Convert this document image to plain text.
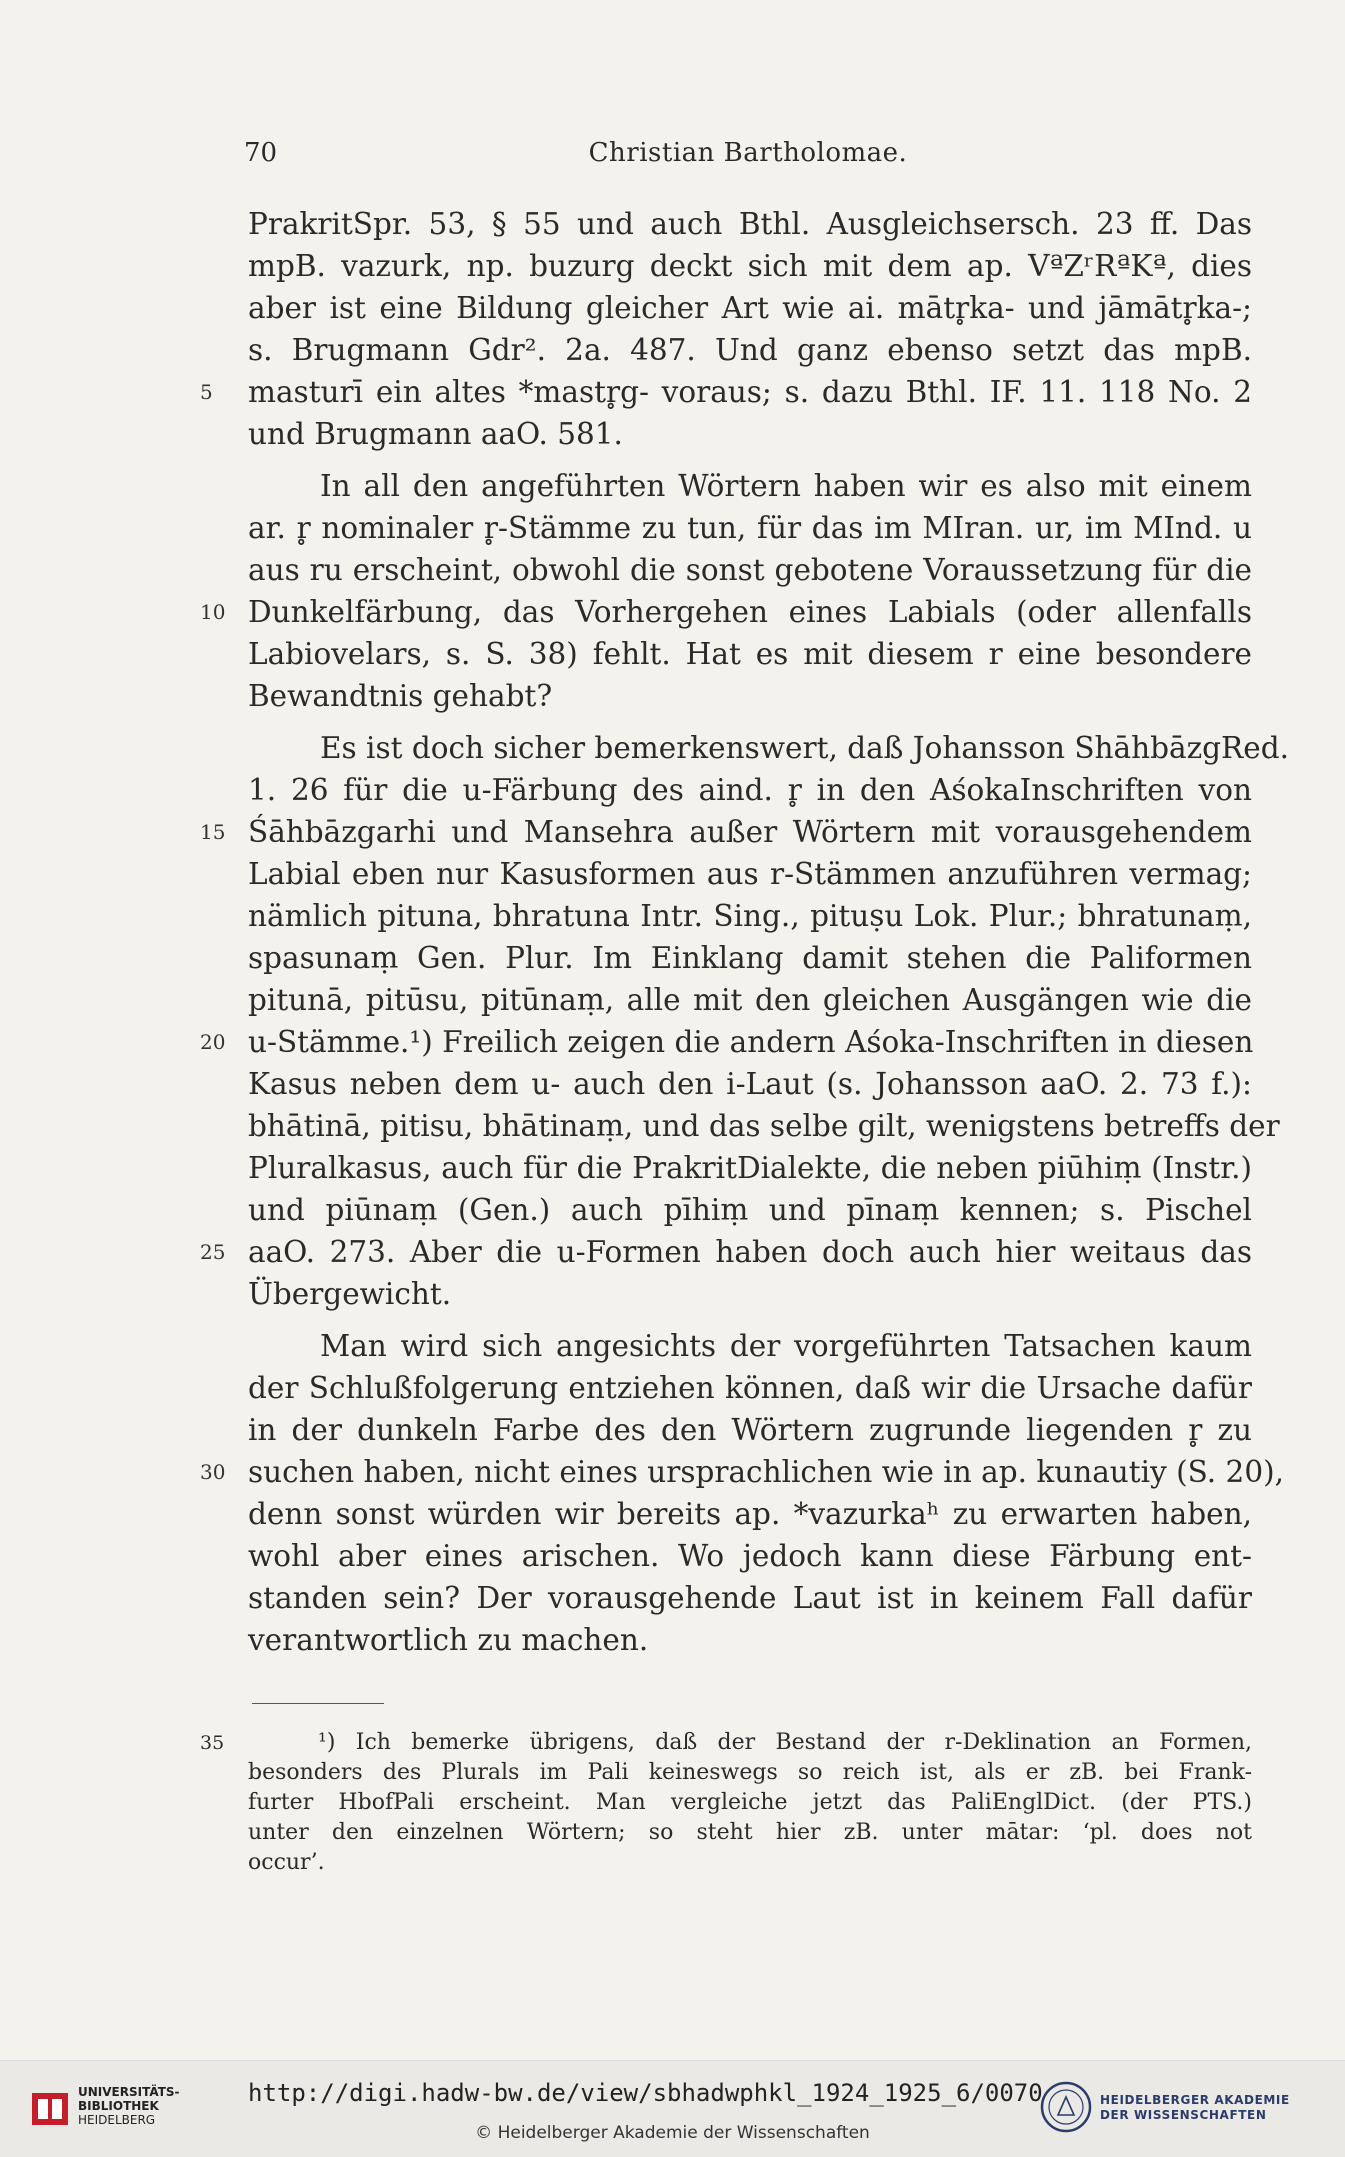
70	Christian Bartholomae.
PrakritSpr. 53, § 55 und auch Bthl. Ausgleichsersch. 23 ff. Das
mpB. vazurk, np. buzurg deckt sich mit dem ap. VªZʳRªKª, dies
aber ist eine Bildung gleicher Art wie ai. mātr̥ka- und jāmātr̥ka-;
s. Brugmann Gdr². 2a. 487. Und ganz ebenso setzt das mpB.
5 masturī ein altes *mastr̥g- voraus; s. dazu Bthl. IF. 11. 118 No. 2
und Brugmann aaO. 581.
In all den angeführten Wörtern haben wir es also mit einem
ar. r̥ nominaler r̥-Stämme zu tun, für das im MIran. ur, im MInd. u
aus ru erscheint, obwohl die sonst gebotene Voraussetzung für die
10 Dunkelfärbung, das Vorhergehen eines Labials (oder allenfalls
Labiovelars, s. S. 38) fehlt. Hat es mit diesem r eine besondere
Bewandtnis gehabt?
Es ist doch sicher bemerkenswert, daß Johansson ShāhbāzgRed.
1. 26 für die u-Färbung des aind. r̥ in den AśokaInschriften von
15 Śāhbāzgarhi und Mansehra außer Wörtern mit vorausgehendem
Labial eben nur Kasusformen aus r-Stämmen anzuführen vermag;
nämlich pituna, bhratuna Intr. Sing., pituṣu Lok. Plur.; bhratunaṃ,
spasunaṃ Gen. Plur. Im Einklang damit stehen die Paliformen
pitunā, pitūsu, pitūnaṃ, alle mit den gleichen Ausgängen wie die
20 u-Stämme.¹) Freilich zeigen die andern Aśoka-Inschriften in diesen
Kasus neben dem u- auch den i-Laut (s. Johansson aaO. 2. 73 f.):
bhātinā, pitisu, bhātinaṃ, und das selbe gilt, wenigstens betreffs der
Pluralkasus, auch für die PrakritDialekte, die neben piūhiṃ (Instr.)
und piūnaṃ (Gen.) auch pīhiṃ und pīnaṃ kennen; s. Pischel
25 aaO. 273. Aber die u-Formen haben doch auch hier weitaus das
Übergewicht.
Man wird sich angesichts der vorgeführten Tatsachen kaum
der Schlußfolgerung entziehen können, daß wir die Ursache dafür
in der dunkeln Farbe des den Wörtern zugrunde liegenden r̥ zu
30 suchen haben, nicht eines ursprachlichen wie in ap. kunautiy (S. 20),
denn sonst würden wir bereits ap. *vazurkaʰ zu erwarten haben,
wohl aber eines arischen. Wo jedoch kann diese Färbung ent-
standen sein? Der vorausgehende Laut ist in keinem Fall dafür
verantwortlich zu machen.
35	¹) Ich bemerke übrigens, daß der Bestand der r-Deklination an Formen,
besonders des Plurals im Pali keineswegs so reich ist, als er zB. bei Frank-
furter HbofPali erscheint. Man vergleiche jetzt das PaliEnglDict. (der PTS.)
unter den einzelnen Wörtern; so steht hier zB. unter mātar: ‘pl. does not
occur’.
UNIVERSITÄTS-
BIBLIOTHEK
HEIDELBERG
http://digi.hadw-bw.de/view/sbhadwphkl_1924_1925_6/0070
© Heidelberger Akademie der Wissenschaften
HEIDELBERGER AKADEMIE
DER WISSENSCHAFTEN
